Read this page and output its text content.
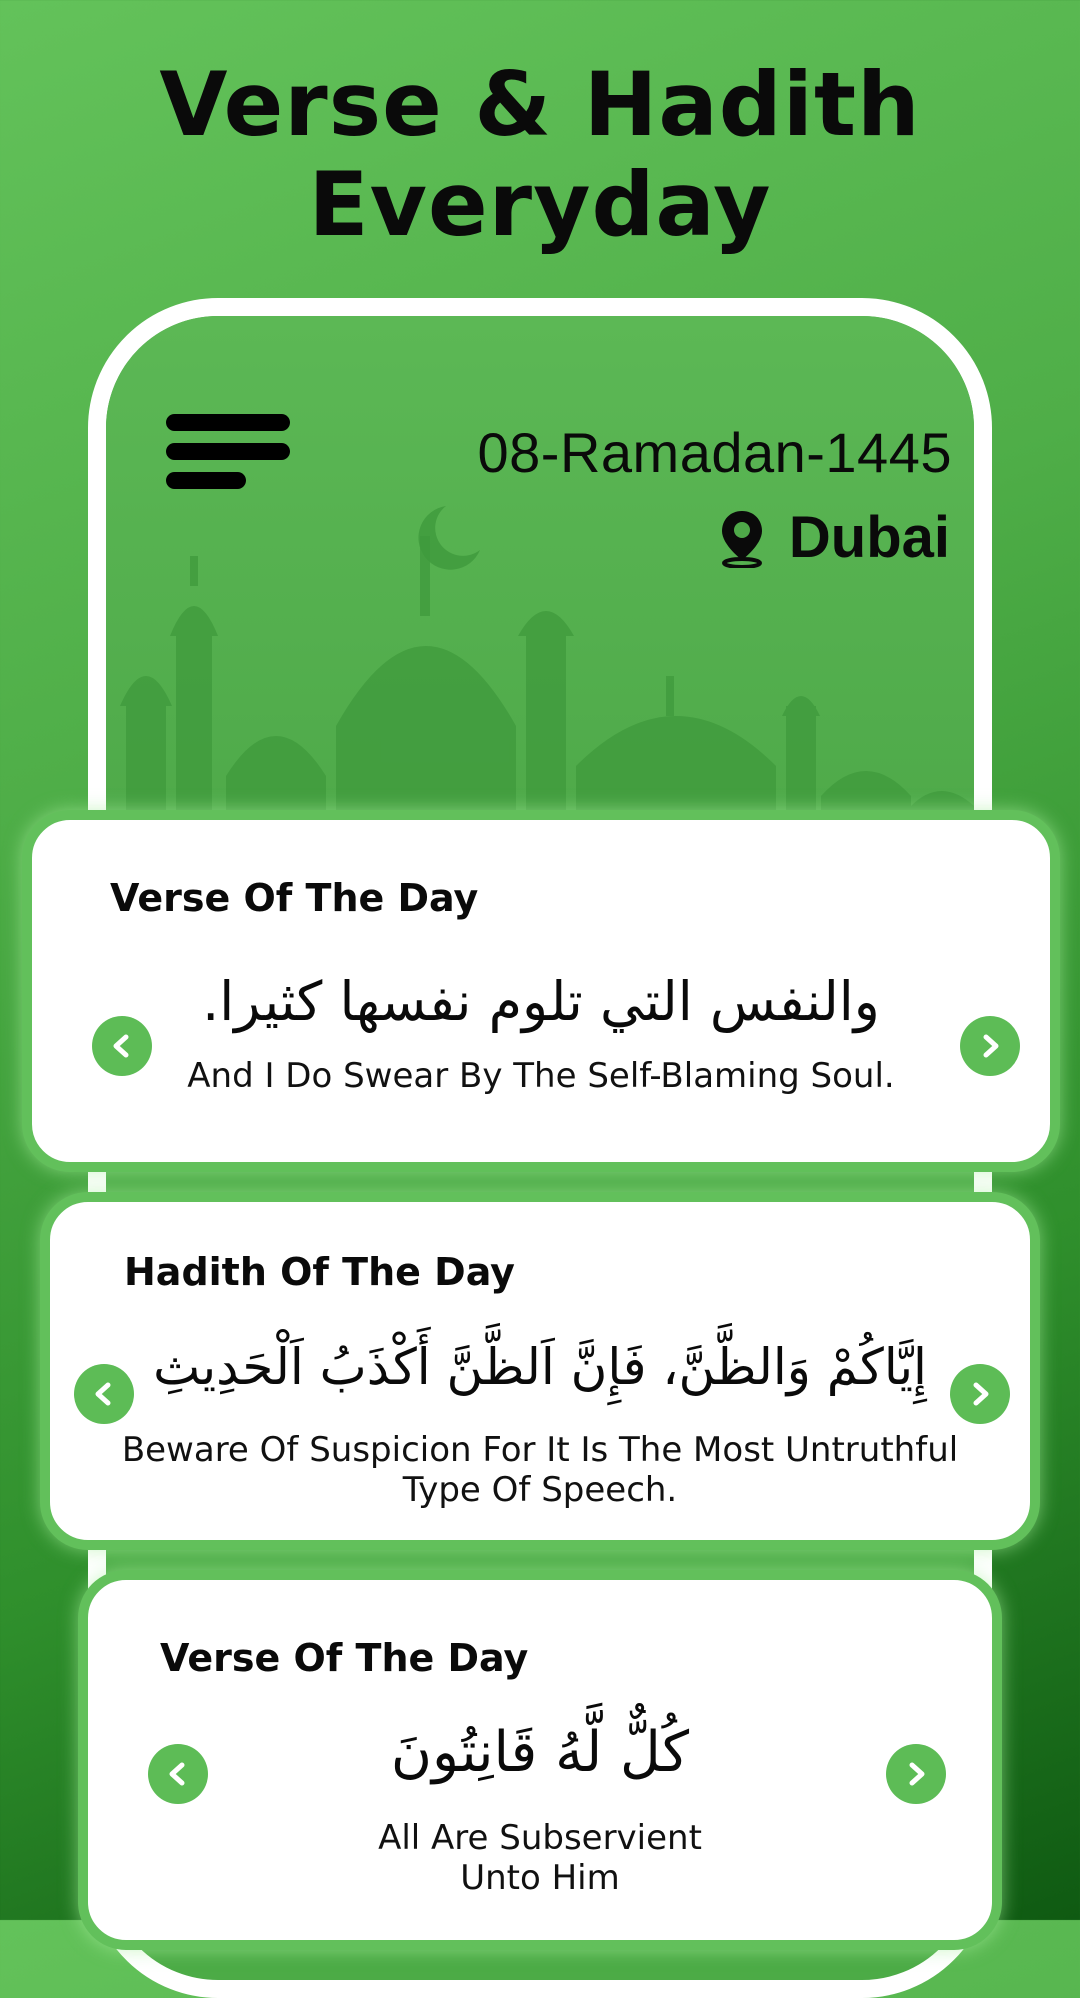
Verse & Hadith
Everyday
08-Ramadan-1445
Dubai
Verse Of The Day
والنفس التي تلوم نفسها كثيرا.
And I Do Swear By The Self-Blaming Soul.
Hadith Of The Day
إِيَّاكُمْ وَالظَّنَّ، فَإِنَّ اَلظَّنَّ أَكْذَبُ اَلْحَدِيثِ
Beware Of Suspicion For It Is The Most Untruthful
Type Of Speech.
Verse Of The Day
كُلٌّ لَّهُ قَانِتُونَ
All Are Subservient
Unto Him
